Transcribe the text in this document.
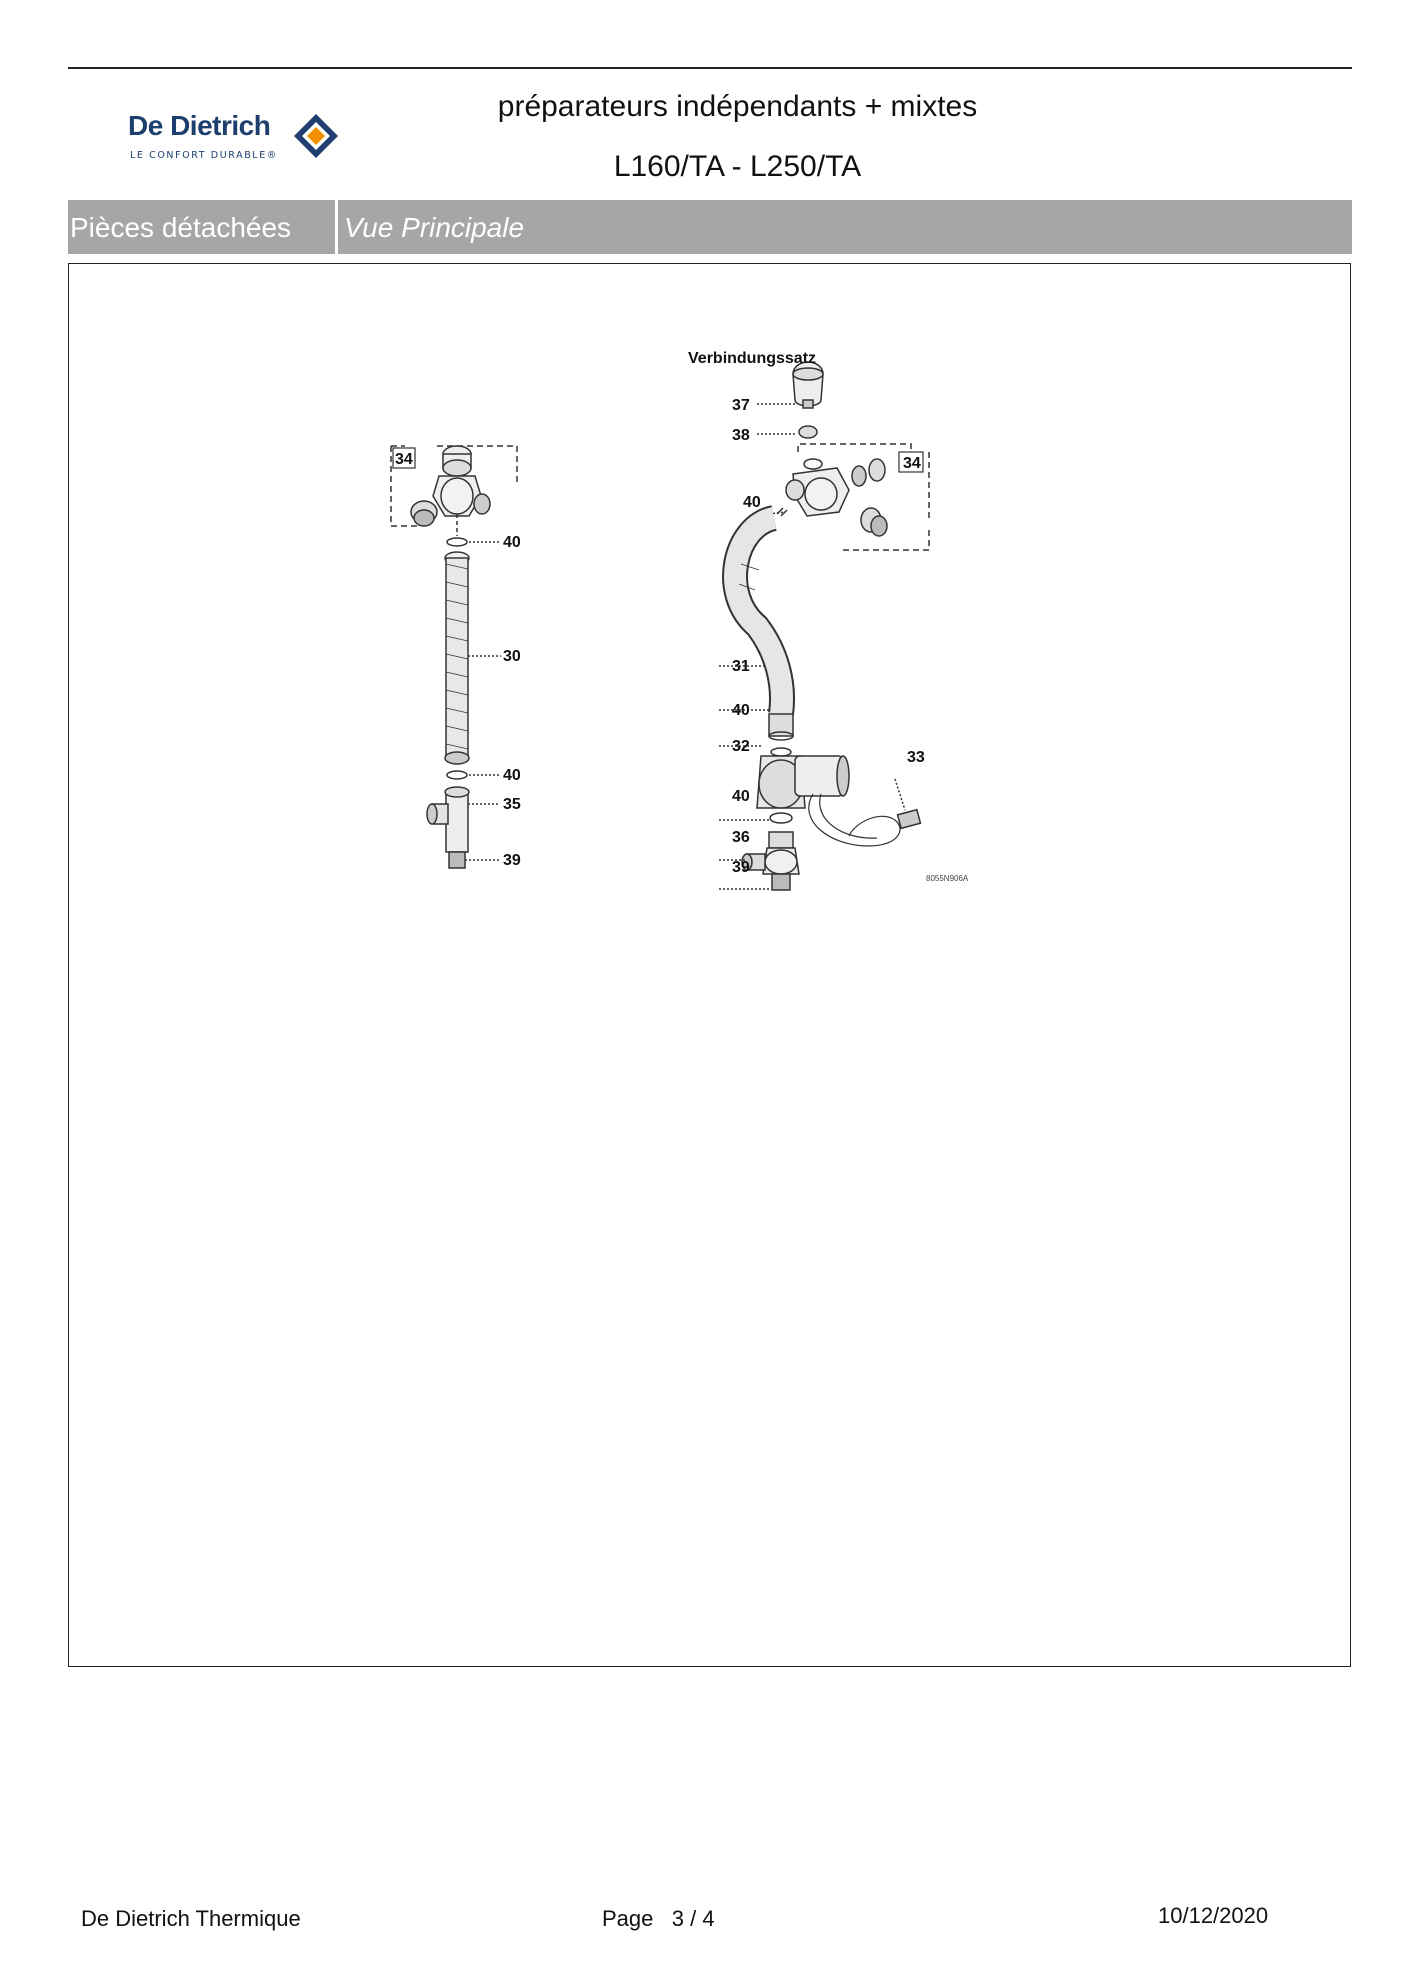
De Dietrich
LE CONFORT DURABLE®
préparateurs indépendants + mixtes
L160/TA - L250/TA
Pièces détachées Vue Principale
Verbindungssatz
34
40
30
40
35
39
37
38
34
40
31
40
32
33
40
36
39
8055N906A
De Dietrich Thermique	Page 3 / 4	10/12/2020
